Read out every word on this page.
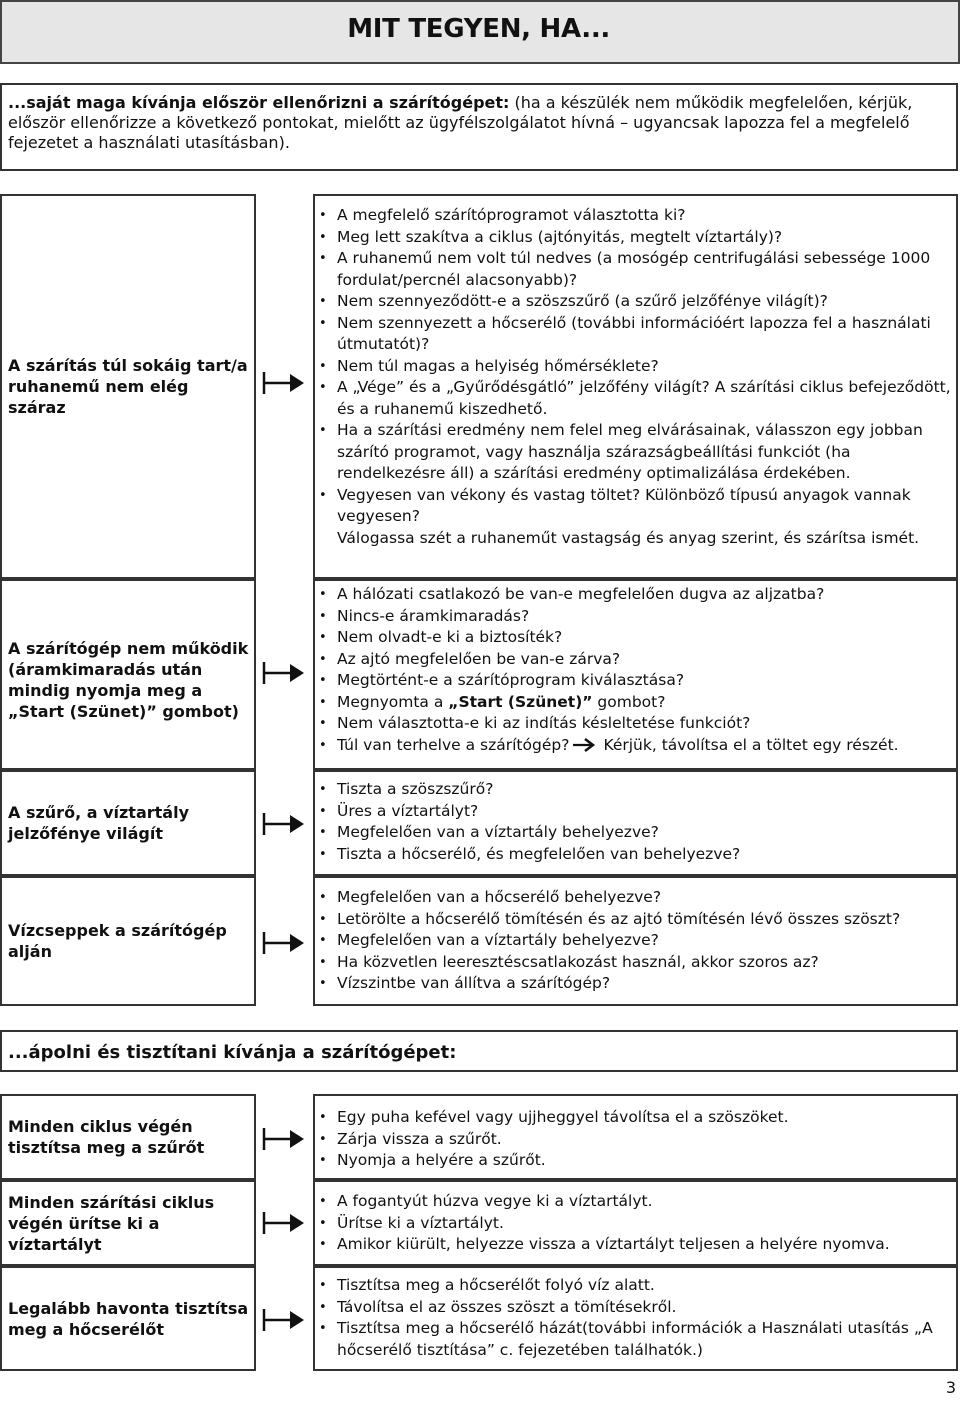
MIT TEGYEN, HA...
...saját maga kívánja először ellenőrizni a szárítógépet: (ha a készülék nem működik megfelelően, kérjük, először ellenőrizze a következő pontokat, mielőtt az ügyfélszolgálatot hívná – ugyancsak lapozza fel a megfelelő fejezetet a használati utasításban).
A szárítás túl sokáig tart/a ruhanemű nem elég száraz
• A megfelelő szárítóprogramot választotta ki?
• Meg lett szakítva a ciklus (ajtónyitás, megtelt víztartály)?
• A ruhanemű nem volt túl nedves (a mosógép centrifugálási sebessége 1000 fordulat/percnél alacsonyabb)?
• Nem szennyeződött-e a szöszszűrő (a szűrő jelzőfénye világít)?
• Nem szennyezett a hőcserélő (további információért lapozza fel a használati útmutatót)?
• Nem túl magas a helyiség hőmérséklete?
• A „Vége” és a „Gyűrődésgátló” jelzőfény világít? A szárítási ciklus befejeződött, és a ruhanemű kiszedhető.
• Ha a szárítási eredmény nem felel meg elvárásainak, válasszon egy jobban szárító programot, vagy használja szárazságbeállítási funkciót (ha rendelkezésre áll) a szárítási eredmény optimalizálása érdekében.
• Vegyesen van vékony és vastag töltet? Különböző típusú anyagok vannak vegyesen?
Válogassa szét a ruhaneműt vastagság és anyag szerint, és szárítsa ismét.
A szárítógép nem működik (áramkimaradás után mindig nyomja meg a „Start (Szünet)” gombot)
• A hálózati csatlakozó be van-e megfelelően dugva az aljzatba?
• Nincs-e áramkimaradás?
• Nem olvadt-e ki a biztosíték?
• Az ajtó megfelelően be van-e zárva?
• Megtörtént-e a szárítóprogram kiválasztása?
• Megnyomta a „Start (Szünet)” gombot?
• Nem választotta-e ki az indítás késleltetése funkciót?
• Túl van terhelve a szárítógép? Kérjük, távolítsa el a töltet egy részét.
A szűrő, a víztartály jelzőfénye világít
• Tiszta a szöszszűrő?
• Üres a víztartályt?
• Megfelelően van a víztartály behelyezve?
• Tiszta a hőcserélő, és megfelelően van behelyezve?
Vízcseppek a szárítógép alján
• Megfelelően van a hőcserélő behelyezve?
• Letörölte a hőcserélő tömítésén és az ajtó tömítésén lévő összes szöszt?
• Megfelelően van a víztartály behelyezve?
• Ha közvetlen leeresztéscsatlakozást használ, akkor szoros az?
• Vízszintbe van állítva a szárítógép?
...ápolni és tisztítani kívánja a szárítógépet:
Minden ciklus végén tisztítsa meg a szűrőt
• Egy puha kefével vagy ujjheggyel távolítsa el a szöszöket.
• Zárja vissza a szűrőt.
• Nyomja a helyére a szűrőt.
Minden szárítási ciklus végén ürítse ki a víztartályt
• A fogantyút húzva vegye ki a víztartályt.
• Ürítse ki a víztartályt.
• Amikor kiürült, helyezze vissza a víztartályt teljesen a helyére nyomva.
Legalább havonta tisztítsa meg a hőcserélőt
• Tisztítsa meg a hőcserélőt folyó víz alatt.
• Távolítsa el az összes szöszt a tömítésekről.
• Tisztítsa meg a hőcserélő házát(további információk a Használati utasítás „A hőcserélő tisztítása” c. fejezetében találhatók.)
3
